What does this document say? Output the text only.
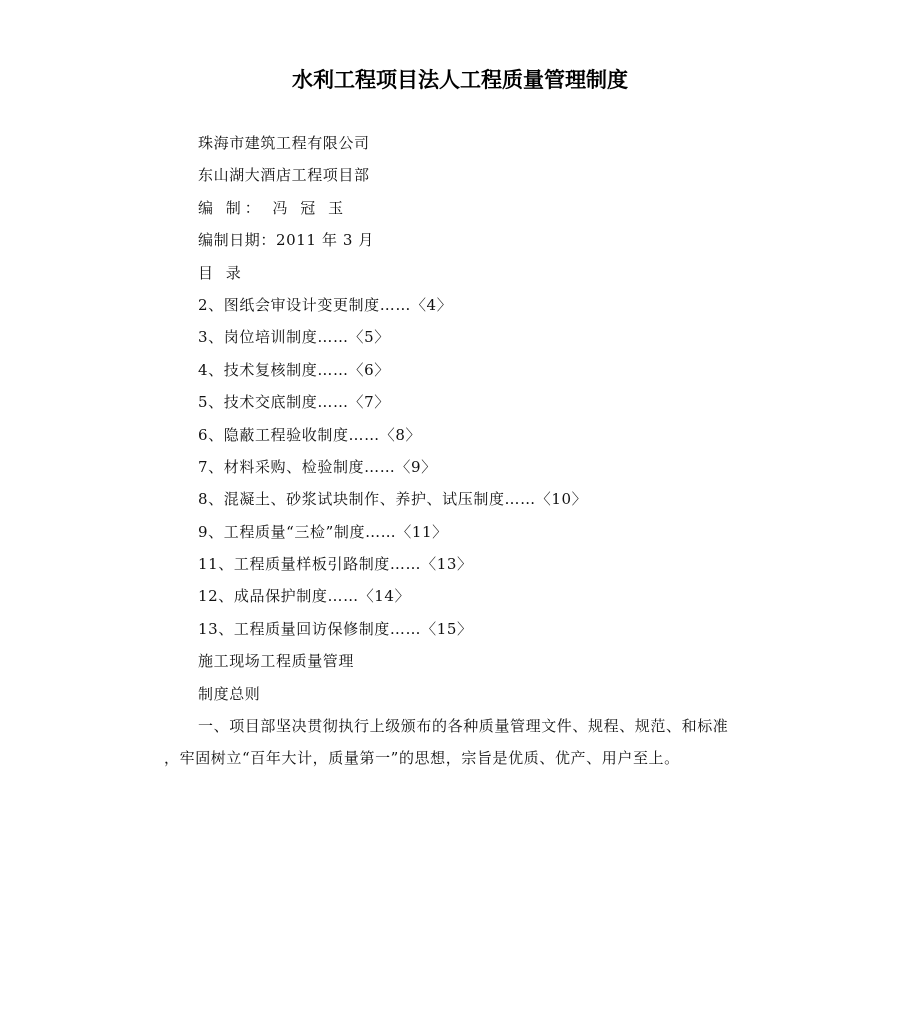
水利工程项目法人工程质量管理制度
珠海市建筑工程有限公司
东山湖大酒店工程项目部
编 制： 冯 冠 玉
编制日期：2011 年 3 月
目 录
2、图纸会审设计变更制度……〈4〉
3、岗位培训制度……〈5〉
4、技术复核制度……〈6〉
5、技术交底制度……〈7〉
6、隐蔽工程验收制度……〈8〉
7、材料采购、检验制度……〈9〉
8、混凝土、砂浆试块制作、养护、试压制度……〈10〉
9、工程质量“三检”制度……〈11〉
11、工程质量样板引路制度……〈13〉
12、成品保护制度……〈14〉
13、工程质量回访保修制度……〈15〉
施工现场工程质量管理
制度总则
一、项目部坚决贯彻执行上级颁布的各种质量管理文件、规程、规范、和标准
，牢固树立“百年大计，质量第一”的思想，宗旨是优质、优产、用户至上。
